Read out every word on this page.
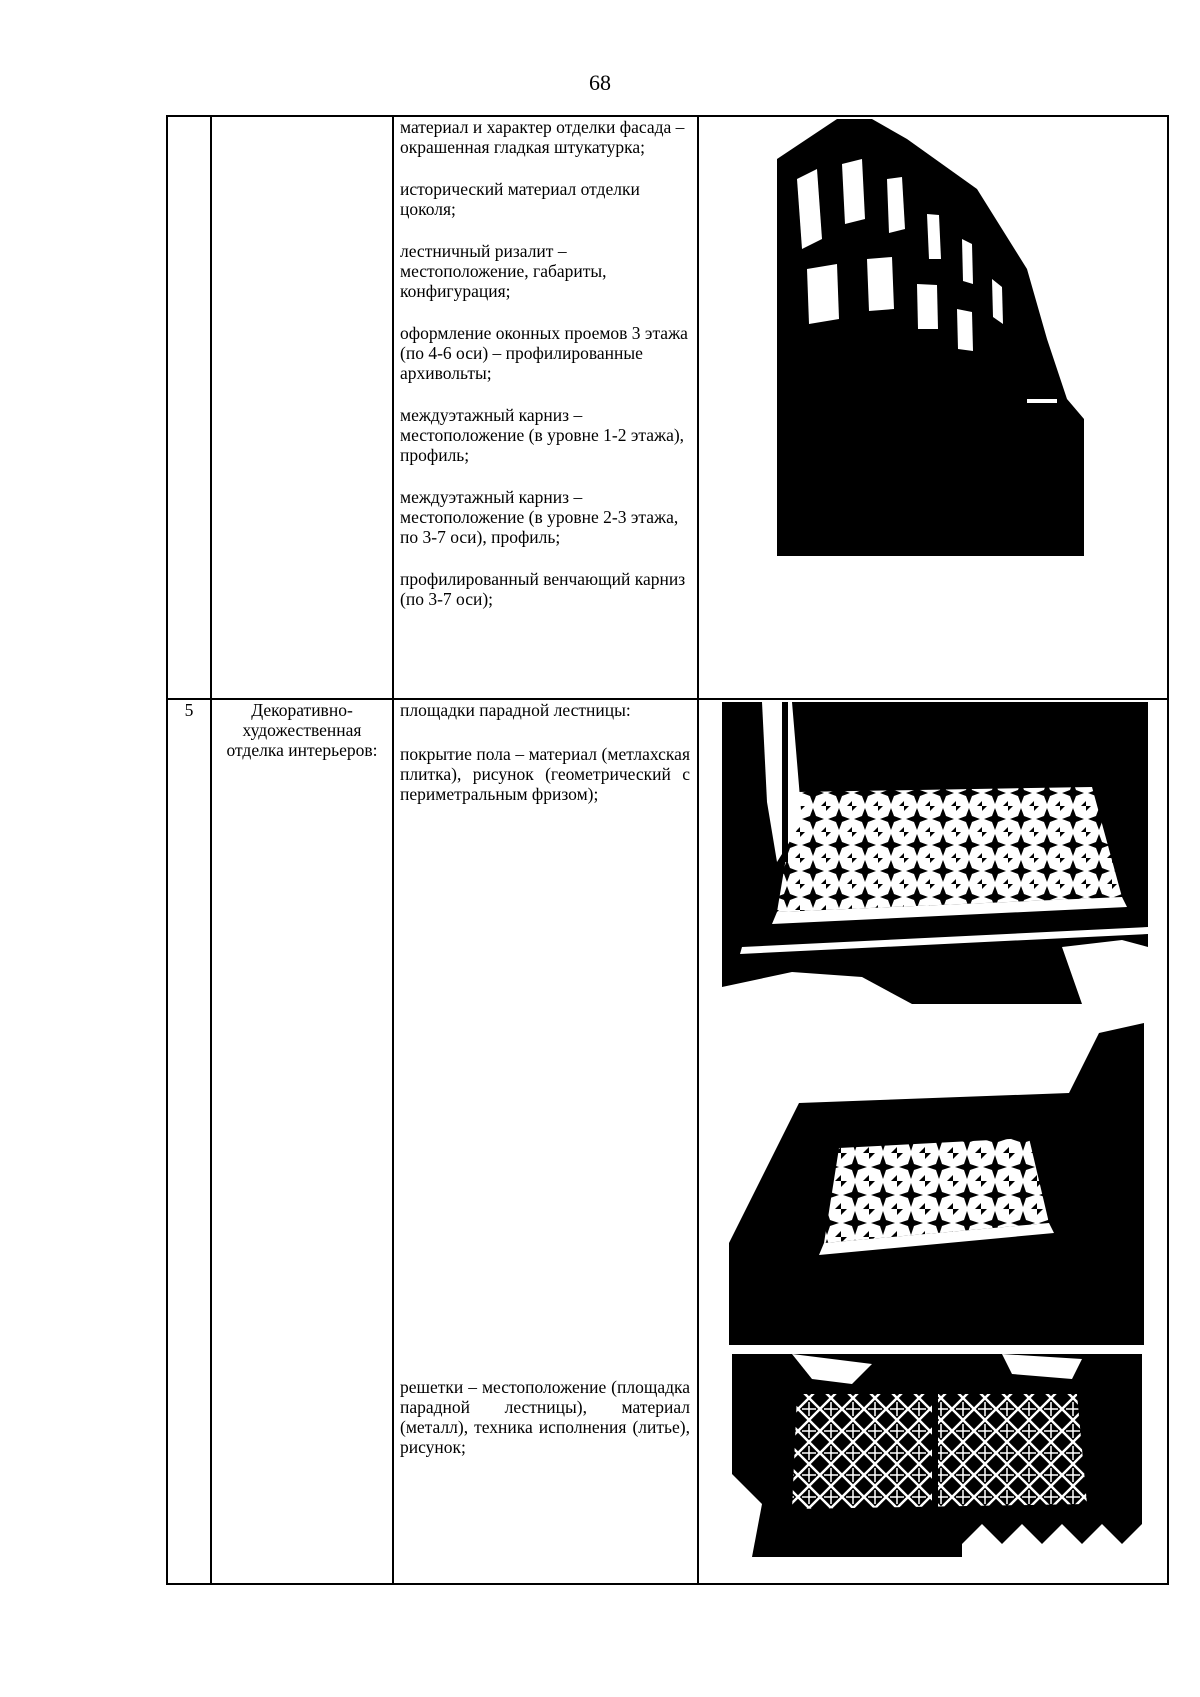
68

материал и характер отделки фасада – окрашенная гладкая штукатурка;

исторический материал отделки цоколя;

лестничный ризалит – местоположение, габариты, конфигурация;

оформление оконных проемов 3 этажа (по 4-6 оси) – профилированные архивольты;

междуэтажный карниз – местоположение (в уровне 1-2 этажа), профиль;

междуэтажный карниз – местоположение (в уровне 2-3 этажа, по 3-7 оси), профиль;

профилированный венчающий карниз (по 3-7 оси);

5	Декоративно-художественная отделка интерьеров:
площадки парадной лестницы:
покрытие пола – материал (метлахская плитка), рисунок (геометрический с периметральным фризом);
решетки – местоположение (площадка парадной лестницы), материал (металл), техника исполнения (литье), рисунок;
